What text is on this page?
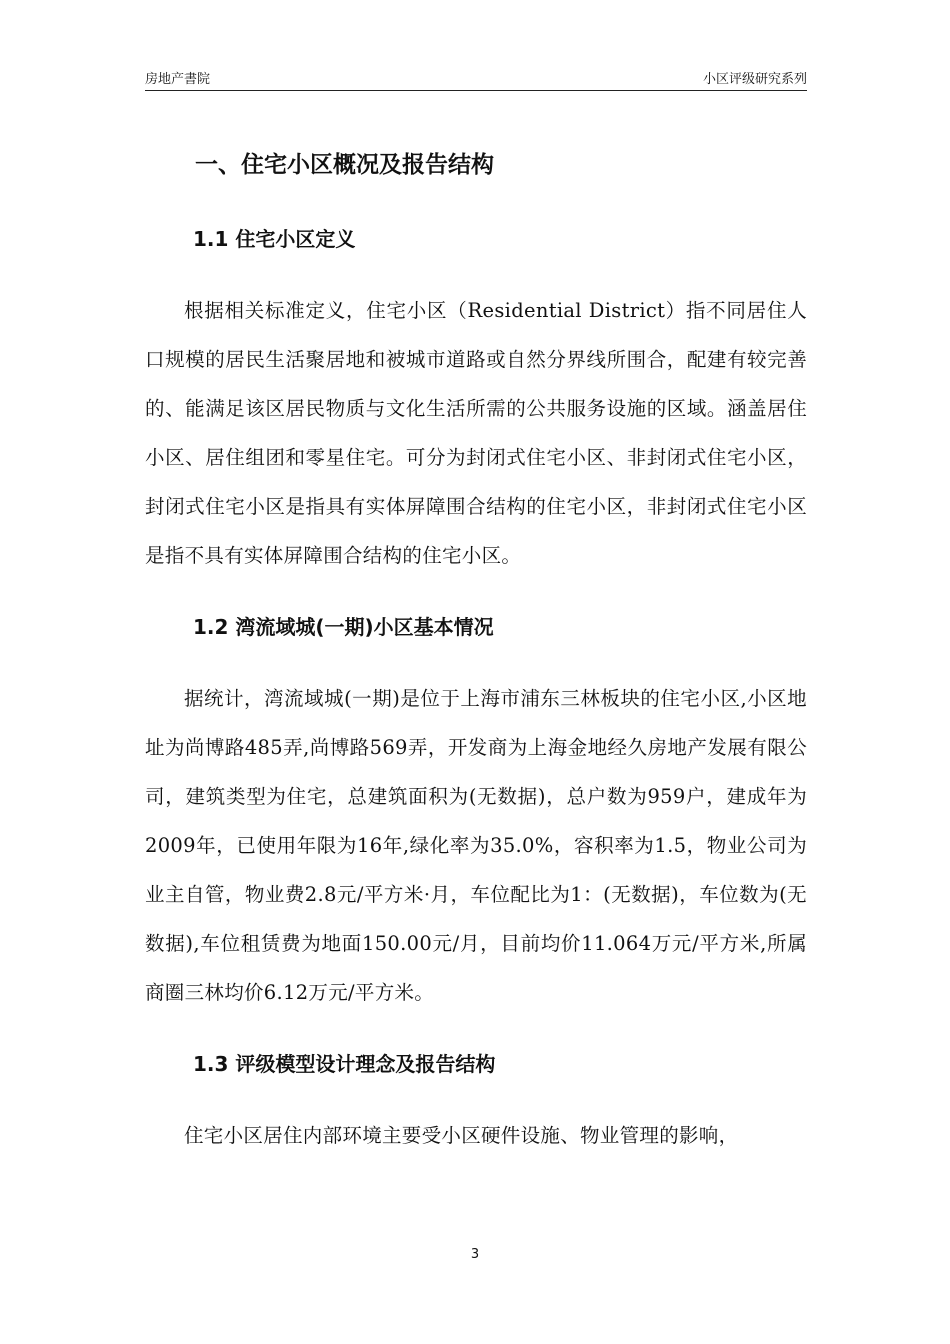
房地产書院	小区评级研究系列
一、住宅小区概况及报告结构
1.1 住宅小区定义

根据相关标准定义，住宅小区（Residential District）指不同居住人口规模的居民生活聚居地和被城市道路或自然分界线所围合，配建有较完善的、能满足该区居民物质与文化生活所需的公共服务设施的区域。涵盖居住小区、居住组团和零星住宅。可分为封闭式住宅小区、非封闭式住宅小区，封闭式住宅小区是指具有实体屏障围合结构的住宅小区，非封闭式住宅小区是指不具有实体屏障围合结构的住宅小区。

1.2 湾流域城(一期)小区基本情况

据统计，湾流域城(一期)是位于上海市浦东三林板块的住宅小区,小区地址为尚博路485弄,尚博路569弄，开发商为上海金地经久房地产发展有限公司，建筑类型为住宅，总建筑面积为(无数据)，总户数为959户，建成年为2009年，已使用年限为16年,绿化率为35.0%，容积率为1.5，物业公司为业主自管，物业费2.8元/平方米·月，车位配比为1：(无数据)，车位数为(无数据),车位租赁费为地面150.00元/月，目前均价11.064万元/平方米,所属商圈三林均价6.12万元/平方米。

1.3 评级模型设计理念及报告结构

住宅小区居住内部环境主要受小区硬件设施、物业管理的影响，

3
